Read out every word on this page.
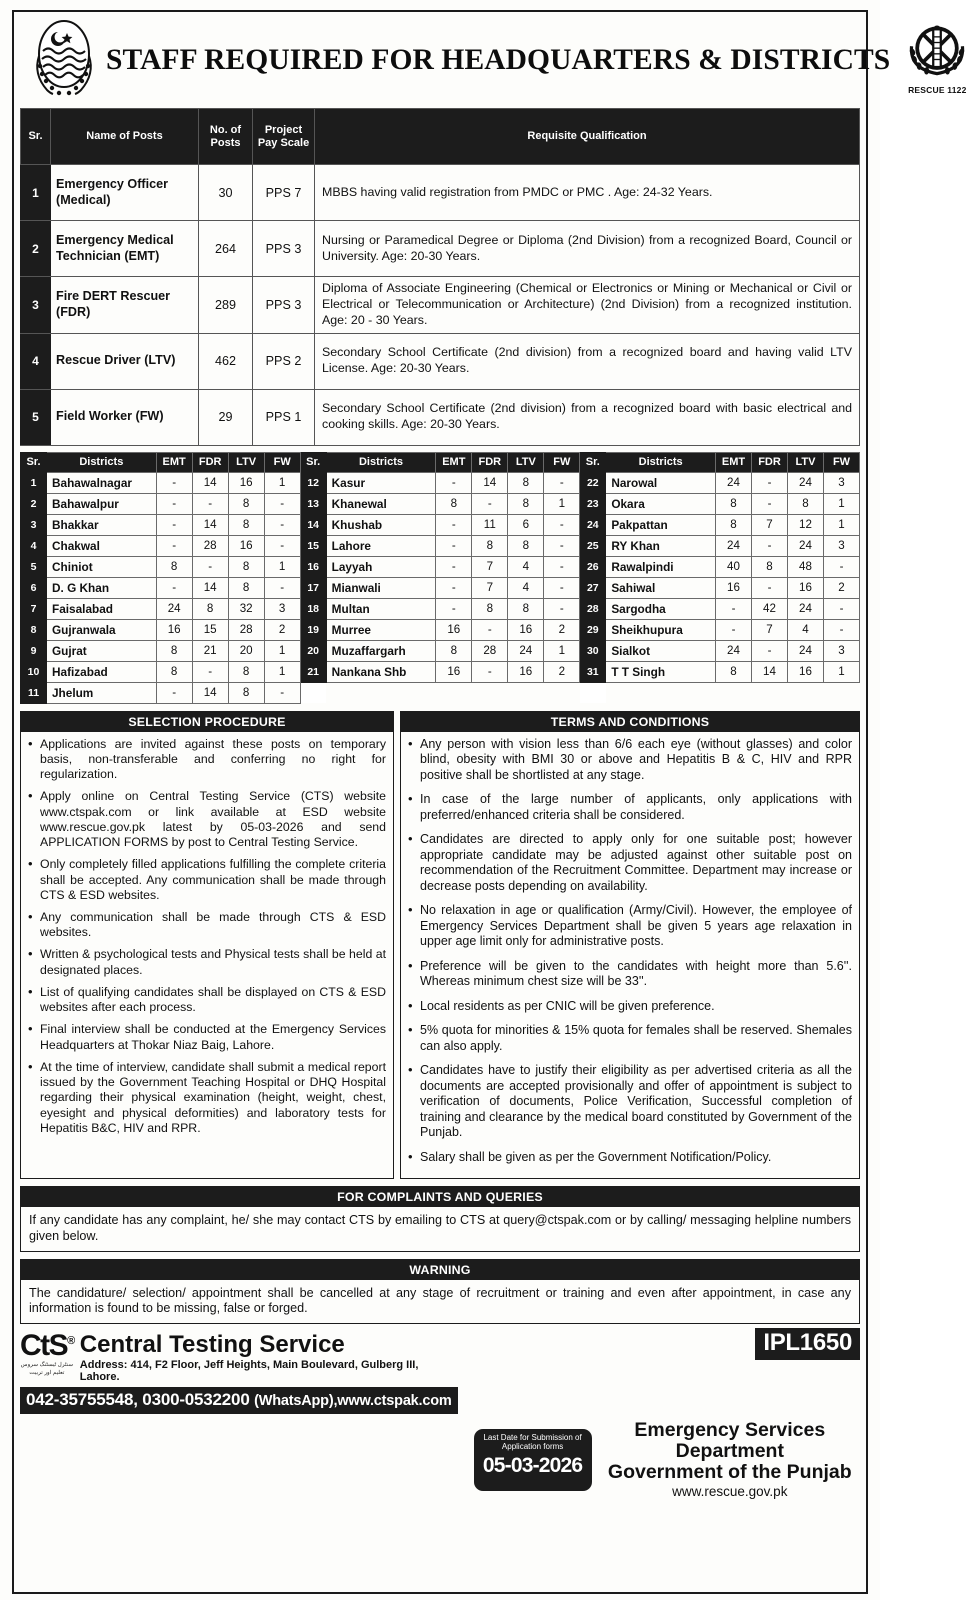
STAFF REQUIRED FOR HEADQUARTERS & DISTRICTS
RESCUE 1122
Sr.	Name of Posts	No. of Posts	Project Pay Scale	Requisite Qualification
1	Emergency Officer (Medical)	30	PPS 7	MBBS having valid registration from PMDC or PMC . Age: 24-32 Years.
2	Emergency Medical Technician (EMT)	264	PPS 3	Nursing or Paramedical Degree or Diploma (2nd Division) from a recognized Board, Council or University. Age: 20-30 Years.
3	Fire DERT Rescuer (FDR)	289	PPS 3	Diploma of Associate Engineering (Chemical or Electronics or Mining or Mechanical or Civil or Electrical or Telecommunication or Architecture) (2nd Division) from a recognized institution. Age: 20 - 30 Years.
4	Rescue Driver (LTV)	462	PPS 2	Secondary School Certificate (2nd division) from a recognized board and having valid LTV License. Age: 20-30 Years.
5	Field Worker (FW)	29	PPS 1	Secondary School Certificate (2nd division) from a recognized board with basic electrical and cooking skills. Age: 20-30 Years.
Sr.	Districts	EMT	FDR	LTV	FW	Sr.	Districts	EMT	FDR	LTV	FW	Sr.	Districts	EMT	FDR	LTV	FW
1	Bahawalnagar	-	14	16	1	12	Kasur	-	14	8	-	22	Narowal	24	-	24	3
2	Bahawalpur	-	-	8	-	13	Khanewal	8	-	8	1	23	Okara	8	-	8	1
3	Bhakkar	-	14	8	-	14	Khushab	-	11	6	-	24	Pakpattan	8	7	12	1
4	Chakwal	-	28	16	-	15	Lahore	-	8	8	-	25	RY Khan	24	-	24	3
5	Chiniot	8	-	8	1	16	Layyah	-	7	4	-	26	Rawalpindi	40	8	48	-
6	D. G Khan	-	14	8	-	17	Mianwali	-	7	4	-	27	Sahiwal	16	-	16	2
7	Faisalabad	24	8	32	3	18	Multan	-	8	8	-	28	Sargodha	-	42	24	-
8	Gujranwala	16	15	28	2	19	Murree	16	-	16	2	29	Sheikhupura	-	7	4	-
9	Gujrat	8	21	20	1	20	Muzaffargarh	8	28	24	1	30	Sialkot	24	-	24	3
10	Hafizabad	8	-	8	1	21	Nankana Shb	16	-	16	2	31	T T Singh	8	14	16	1
11	Jhelum	-	14	8	-												
SELECTION PROCEDURE
• Applications are invited against these posts on temporary basis, non-transferable and conferring no right for regularization.
• Apply online on Central Testing Service (CTS) website www.ctspak.com or link available at ESD website www.rescue.gov.pk latest by 05-03-2026 and send APPLICATION FORMS by post to Central Testing Service.
• Only completely filled applications fulfilling the complete criteria shall be accepted. Any communication shall be made through CTS & ESD websites.
• Any communication shall be made through CTS & ESD websites.
• Written & psychological tests and Physical tests shall be held at designated places.
• List of qualifying candidates shall be displayed on CTS & ESD websites after each process.
• Final interview shall be conducted at the Emergency Services Headquarters at Thokar Niaz Baig, Lahore.
• At the time of interview, candidate shall submit a medical report issued by the Government Teaching Hospital or DHQ Hospital regarding their physical examination (height, weight, chest, eyesight and physical deformities) and laboratory tests for Hepatitis B&C, HIV and RPR.
TERMS AND CONDITIONS
• Any person with vision less than 6/6 each eye (without glasses) and color blind, obesity with BMI 30 or above and Hepatitis B & C, HIV and RPR positive shall be shortlisted at any stage.
• In case of the large number of applicants, only applications with preferred/enhanced criteria shall be considered.
• Candidates are directed to apply only for one suitable post; however appropriate candidate may be adjusted against other suitable post on recommendation of the Recruitment Committee. Department may increase or decrease posts depending on availability.
• No relaxation in age or qualification (Army/Civil). However, the employee of Emergency Services Department shall be given 5 years age relaxation in upper age limit only for administrative posts.
• Preference will be given to the candidates with height more than 5.6''. Whereas minimum chest size will be 33''.
• Local residents as per CNIC will be given preference.
• 5% quota for minorities & 15% quota for females shall be reserved. Shemales can also apply.
• Candidates have to justify their eligibility as per advertised criteria as all the documents are accepted provisionally and offer of appointment is subject to verification of documents, Police Verification, Successful completion of training and clearance by the medical board constituted by Government of the Punjab.
• Salary shall be given as per the Government Notification/Policy.
FOR COMPLAINTS AND QUERIES

If any candidate has any complaint, he/ she may contact CTS by emailing to CTS at query@ctspak.com or by calling/ messaging helpline numbers given below.

WARNING

The candidature/ selection/ appointment shall be cancelled at any stage of recruitment or training and even after appointment, in case any information is found to be missing, false or forged.

CtS®
سنٹرل ٹیسٹنگ سروس
تعلیم اور تربیت
Central Testing Service
Address: 414, F2 Floor, Jeff Heights, Main Boulevard, Gulberg III, Lahore.
042-35755548, 0300-0532200 (WhatsApp),www.ctspak.com
Last Date for Submission of Application forms
05-03-2026
Emergency Services Department
Government of the Punjab
www.rescue.gov.pk
IPL1650
